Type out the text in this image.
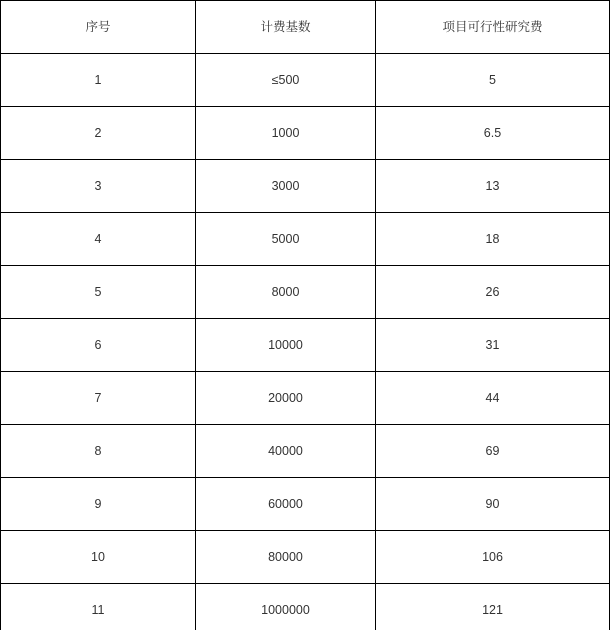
序号	计费基数	项目可行性研究费

1	≤500	5

2	1000	6.5

3	3000	13

4	5000	18

5	8000	26

6	10000	31

7	20000	44

8	40000	69

9	60000	90

10	80000	106

11	1000000	121
